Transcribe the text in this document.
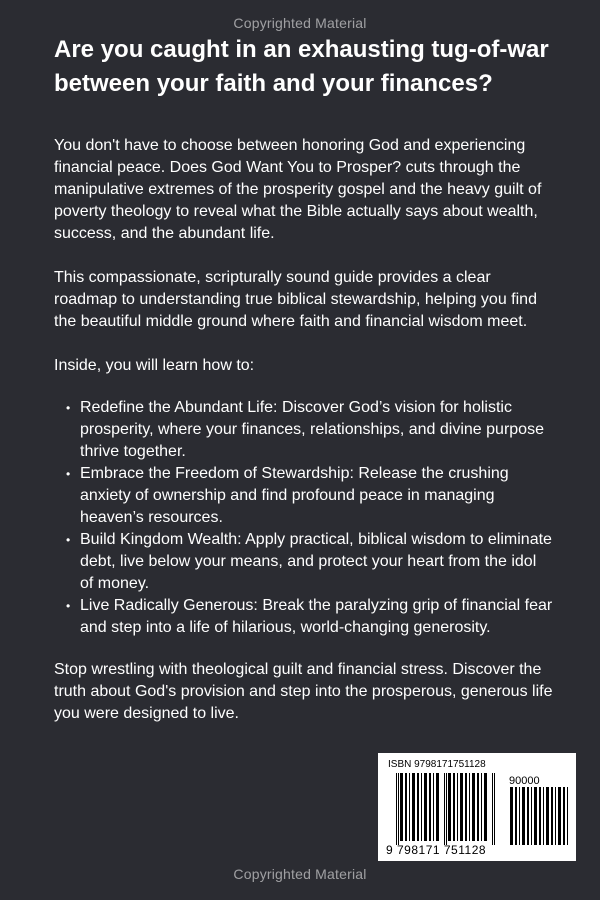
Copyrighted Material
Are you caught in an exhausting tug-of-war between your faith and your finances?

You don't have to choose between honoring God and experiencing financial peace. Does God Want You to Prosper? cuts through the manipulative extremes of the prosperity gospel and the heavy guilt of poverty theology to reveal what the Bible actually says about wealth, success, and the abundant life.

This compassionate, scripturally sound guide provides a clear roadmap to understanding true biblical stewardship, helping you find the beautiful middle ground where faith and financial wisdom meet.

Inside, you will learn how to:

• Redefine the Abundant Life: Discover God’s vision for holistic prosperity, where your finances, relationships, and divine purpose thrive together.
• Embrace the Freedom of Stewardship: Release the crushing anxiety of ownership and find profound peace in managing heaven’s resources.
• Build Kingdom Wealth: Apply practical, biblical wisdom to eliminate debt, live below your means, and protect your heart from the idol of money.
• Live Radically Generous: Break the paralyzing grip of financial fear and step into a life of hilarious, world-changing generosity.

Stop wrestling with theological guilt and financial stress. Discover the truth about God's provision and step into the prosperous, generous life you were designed to live.

ISBN 9798171751128
90000
9 798171 751128
Copyrighted Material
